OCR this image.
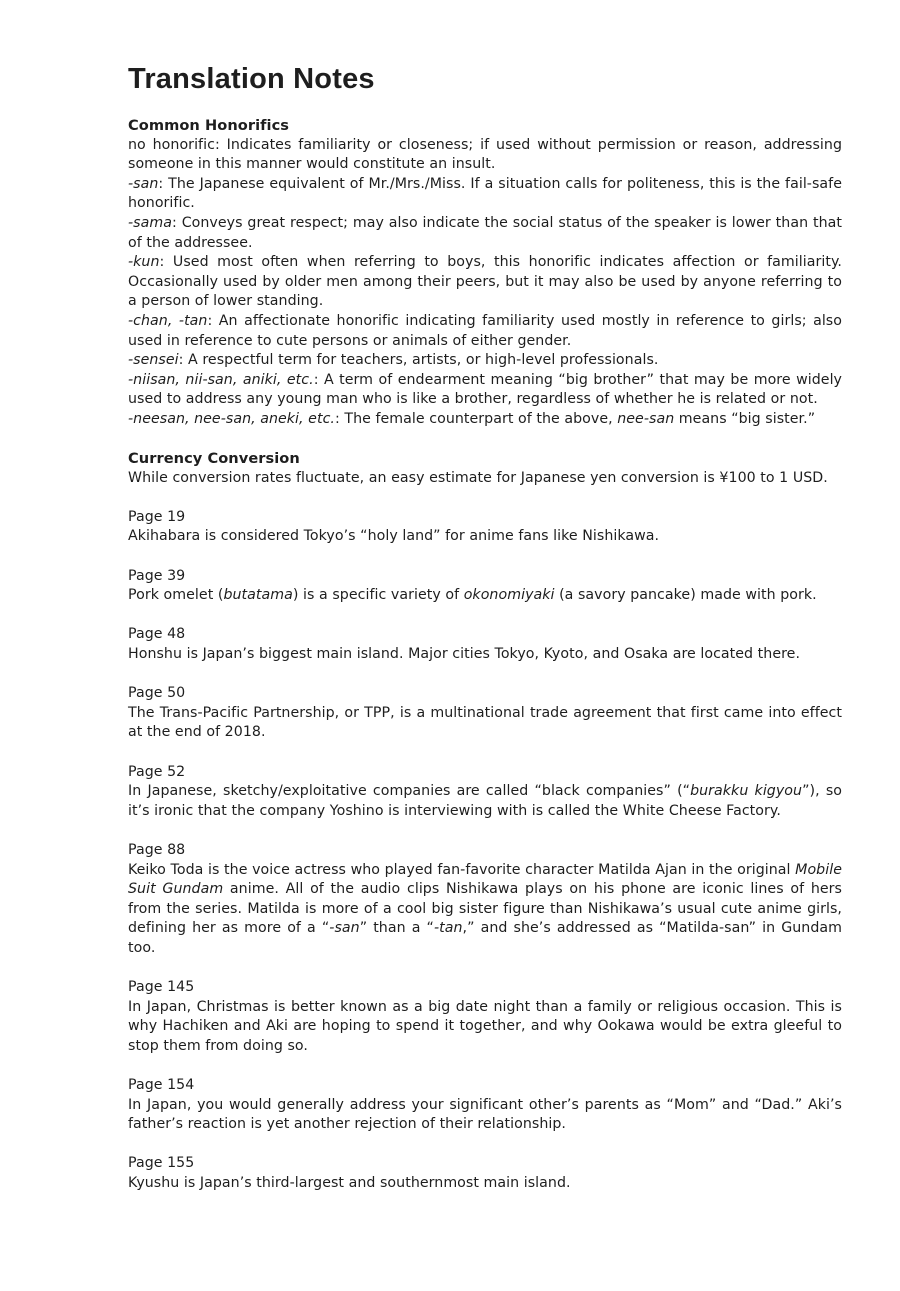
Translation Notes
Common Honorifics

no honorific: Indicates familiarity or closeness; if used without permission or reason, addressing someone in this manner would constitute an insult.

-san: The Japanese equivalent of Mr./Mrs./Miss. If a situation calls for politeness, this is the fail-safe honorific.

-sama: Conveys great respect; may also indicate the social status of the speaker is lower than that of the addressee.

-kun: Used most often when referring to boys, this honorific indicates affection or familiarity. Occasionally used by older men among their peers, but it may also be used by anyone referring to a person of lower standing.

-chan, -tan: An affectionate honorific indicating familiarity used mostly in reference to girls; also used in reference to cute persons or animals of either gender.

-sensei: A respectful term for teachers, artists, or high-level professionals.

-niisan, nii-san, aniki, etc.: A term of endearment meaning “big brother” that may be more widely used to address any young man who is like a brother, regardless of whether he is related or not.

-neesan, nee-san, aneki, etc.: The female counterpart of the above, nee-san means “big sister.”

Currency Conversion

While conversion rates fluctuate, an easy estimate for Japanese yen conversion is ¥100 to 1 USD.

Page 19

Akihabara is considered Tokyo’s “holy land” for anime fans like Nishikawa.

Page 39

Pork omelet (butatama) is a specific variety of okonomiyaki (a savory pancake) made with pork.

Page 48

Honshu is Japan’s biggest main island. Major cities Tokyo, Kyoto, and Osaka are located there.

Page 50

The Trans-Pacific Partnership, or TPP, is a multinational trade agreement that first came into effect at the end of 2018.

Page 52

In Japanese, sketchy/exploitative companies are called “black companies” (“burakku kigyou”), so it’s ironic that the company Yoshino is interviewing with is called the White Cheese Factory.

Page 88

Keiko Toda is the voice actress who played fan-favorite character Matilda Ajan in the original Mobile Suit Gundam anime. All of the audio clips Nishikawa plays on his phone are iconic lines of hers from the series. Matilda is more of a cool big sister figure than Nishikawa’s usual cute anime girls, defining her as more of a “-san” than a “-tan,” and she’s addressed as “Matilda-san” in Gundam too.

Page 145

In Japan, Christmas is better known as a big date night than a family or religious occasion. This is why Hachiken and Aki are hoping to spend it together, and why Ookawa would be extra gleeful to stop them from doing so.

Page 154

In Japan, you would generally address your significant other’s parents as “Mom” and “Dad.” Aki’s father’s reaction is yet another rejection of their relationship.

Page 155

Kyushu is Japan’s third-largest and southernmost main island.
